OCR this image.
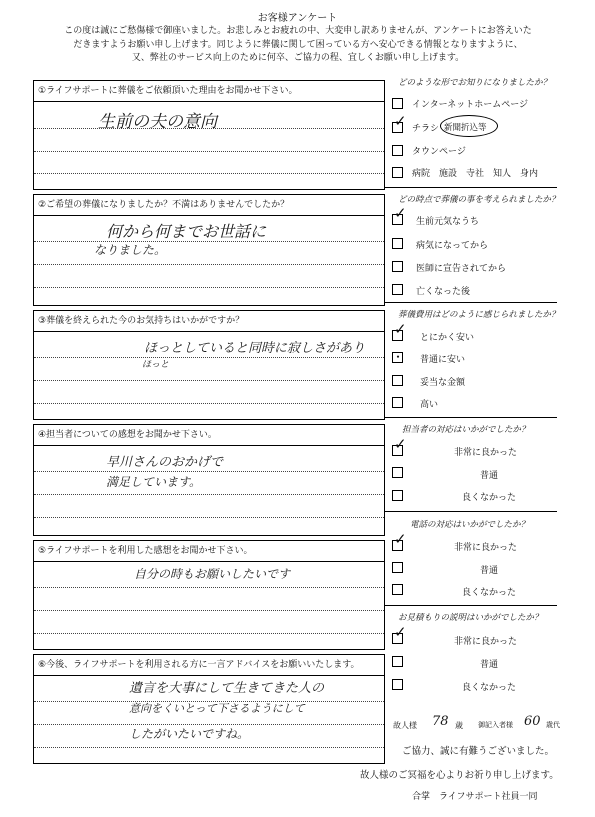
お客様アンケート
この度は誠にご愁傷様で御座いました。お悲しみとお疲れの中、大変申し訳ありませんが、アンケートにお答えいた
だきますようお願い申し上げます。同じように葬儀に関して困っている方へ安心できる情報となりますように、
又、弊社のサービス向上のために何卒、ご協力の程、宜しくお願い申し上げます。
①ライフサポートに葬儀をご依頼頂いた理由をお聞かせ下さい。
生前の夫の意向
②ご希望の葬儀になりましたか？不満はありませんでしたか？
何から何までお世話に
なりました。
③葬儀を終えられた今のお気持ちはいかがですか？
ほっとしていると同時に寂しさがあり
ほっと
④担当者についての感想をお聞かせ下さい。
早川さんのおかげで
満足しています。
⑤ライフサポートを利用した感想をお聞かせ下さい。
自分の時もお願いしたいです
⑥今後、ライフサポートを利用される方に一言アドバイスをお願いいたします。
遺言を大事にして生きてきた人の
意向をくいとって下さるようにして
したがいたいですね。
どのような形でお知りになりましたか？
インターネットホームページ
✓ チラシ 新聞折込等
タウンページ
病院　施設　寺社　知人　身内
どの時点で葬儀の事を考えられましたか？
✓ 生前元気なうち
病気になってから
医師に宣告されてから
亡くなった後
葬儀費用はどのように感じられましたか？
✓ とにかく安い
・ 普通に安い
妥当な金額
高い
担当者の対応はいかがでしたか？
✓	非常に良かった
普通
良くなかった
電話の対応はいかがでしたか？
✓	非常に良かった
普通
良くなかった
お見積もりの説明はいかがでしたか？
✓
非常に良かった
普通
良くなかった
故人様 78 歳 御記入者様 60 歳代
ご協力、誠に有難うございました。
故人様のご冥福を心よりお祈り申し上げます。
合掌　ライフサポート社員一同
